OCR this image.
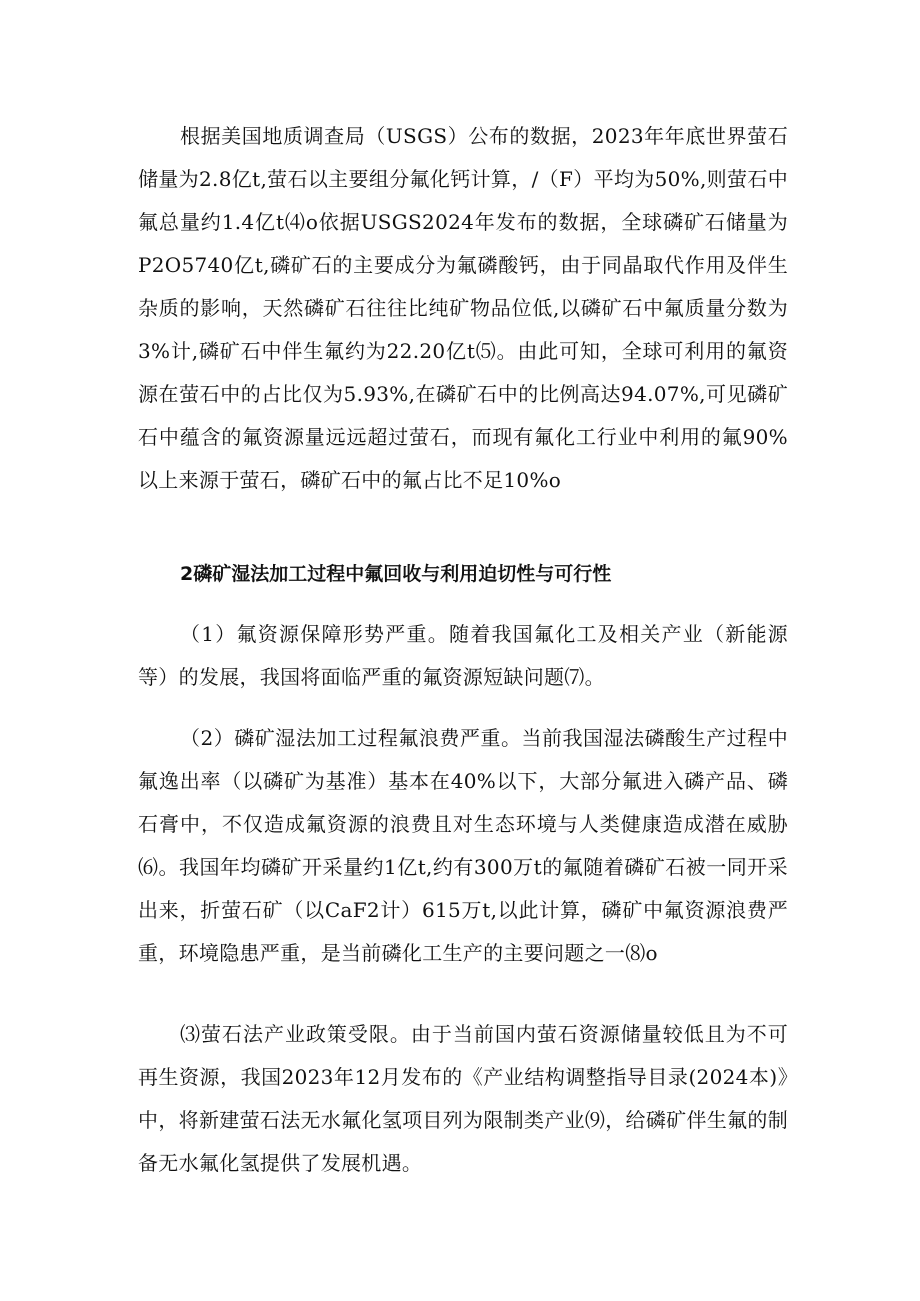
根据美国地质调查局（USGS）公布的数据，2023年年底世界萤石储量为2.8亿t,萤石以主要组分氟化钙计算，/（F）平均为50%,则萤石中氟总量约1.4亿t⑷o依据USGS2024年发布的数据，全球磷矿石储量为P2O5740亿t,磷矿石的主要成分为氟磷酸钙，由于同晶取代作用及伴生杂质的影响，天然磷矿石往往比纯矿物品位低,以磷矿石中氟质量分数为3%计,磷矿石中伴生氟约为22.20亿t⑸。由此可知，全球可利用的氟资源在萤石中的占比仅为5.93%,在磷矿石中的比例高达94.07%,可见磷矿石中蕴含的氟资源量远远超过萤石，而现有氟化工行业中利用的氟90%以上来源于萤石，磷矿石中的氟占比不足10%o

2磷矿湿法加工过程中氟回收与利用迫切性与可行性

（1）氟资源保障形势严重。随着我国氟化工及相关产业（新能源等）的发展，我国将面临严重的氟资源短缺问题⑺。

（2）磷矿湿法加工过程氟浪费严重。当前我国湿法磷酸生产过程中氟逸出率（以磷矿为基准）基本在40%以下，大部分氟进入磷产品、磷石膏中，不仅造成氟资源的浪费且对生态环境与人类健康造成潜在威胁⑹。我国年均磷矿开采量约1亿t,约有300万t的氟随着磷矿石被一同开采出来，折萤石矿（以CaF2计）615万t,以此计算，磷矿中氟资源浪费严重，环境隐患严重，是当前磷化工生产的主要问题之一⑻o

⑶萤石法产业政策受限。由于当前国内萤石资源储量较低且为不可再生资源，我国2023年12月发布的《产业结构调整指导目录(2024本)》中，将新建萤石法无水氟化氢项目列为限制类产业⑼，给磷矿伴生氟的制备无水氟化氢提供了发展机遇。
